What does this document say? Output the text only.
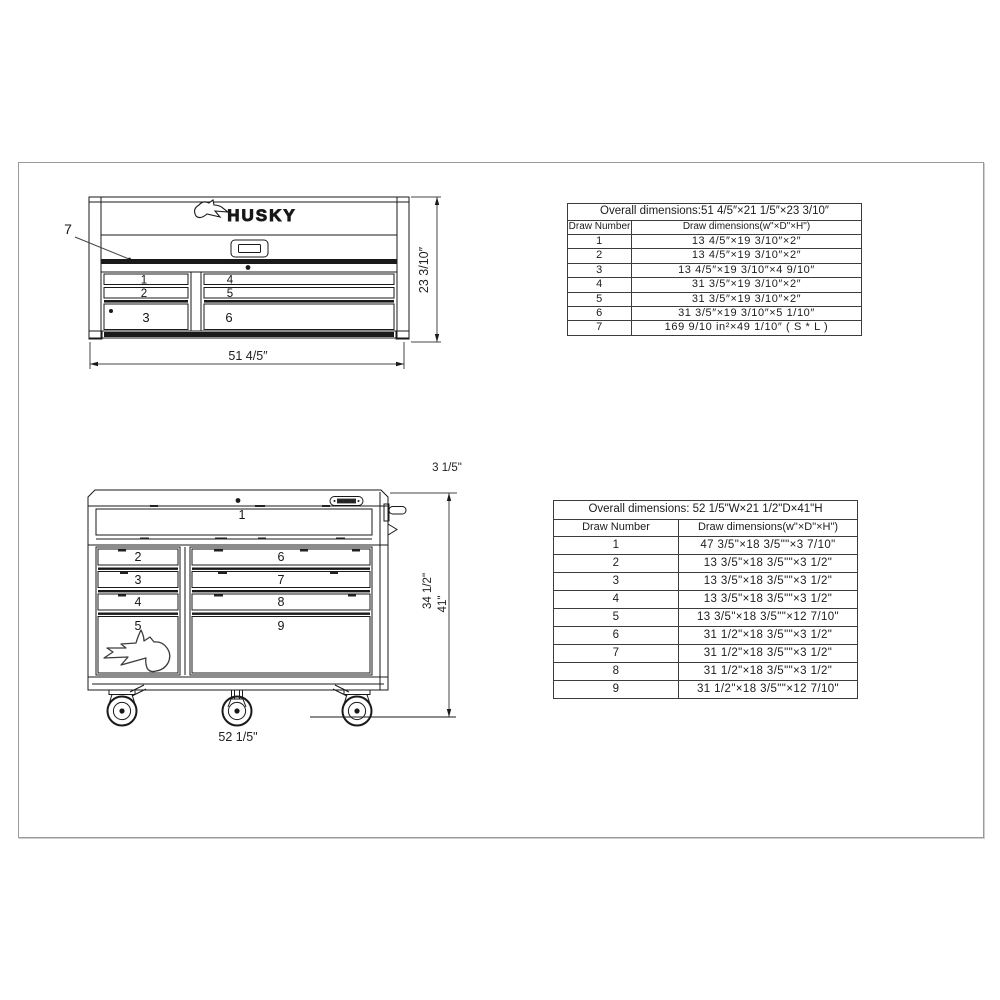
HUSKY
1
2
3
4
5
6
7
51 4/5″
23 3/10″
Overall dimensions:51 4/5″×21 1/5″×23 3/10″	
Draw Number	Draw dimensions(w"×D"×H")
1	13 4/5″×19 3/10″×2″
2	13 4/5″×19 3/10″×2″
3	13 4/5″×19 3/10″×4 9/10″
4	31 3/5″×19 3/10″×2″
5	31 3/5″×19 3/10″×2″
6	31 3/5″×19 3/10″×5 1/10″
7	169 9/10 in²×49 1/10″ ( S * L )
1
2
3
4
5
6
7
8
9
HUSKY
34 1/2" 41"
3 1/5"
52 1/5"
Overall dimensions: 52 1/5"W×21 1/2"D×41"H	
Draw Number	Draw dimensions(w"×D"×H")
1	47 3/5"×18 3/5""×3 7/10"
2	13 3/5"×18 3/5""×3 1/2"
3	13 3/5"×18 3/5""×3 1/2"
4	13 3/5"×18 3/5""×3 1/2"
5	13 3/5"×18 3/5""×12 7/10"
6	31 1/2"×18 3/5""×3 1/2"
7	31 1/2"×18 3/5""×3 1/2"
8	31 1/2"×18 3/5""×3 1/2"
9	31 1/2"×18 3/5""×12 7/10"
